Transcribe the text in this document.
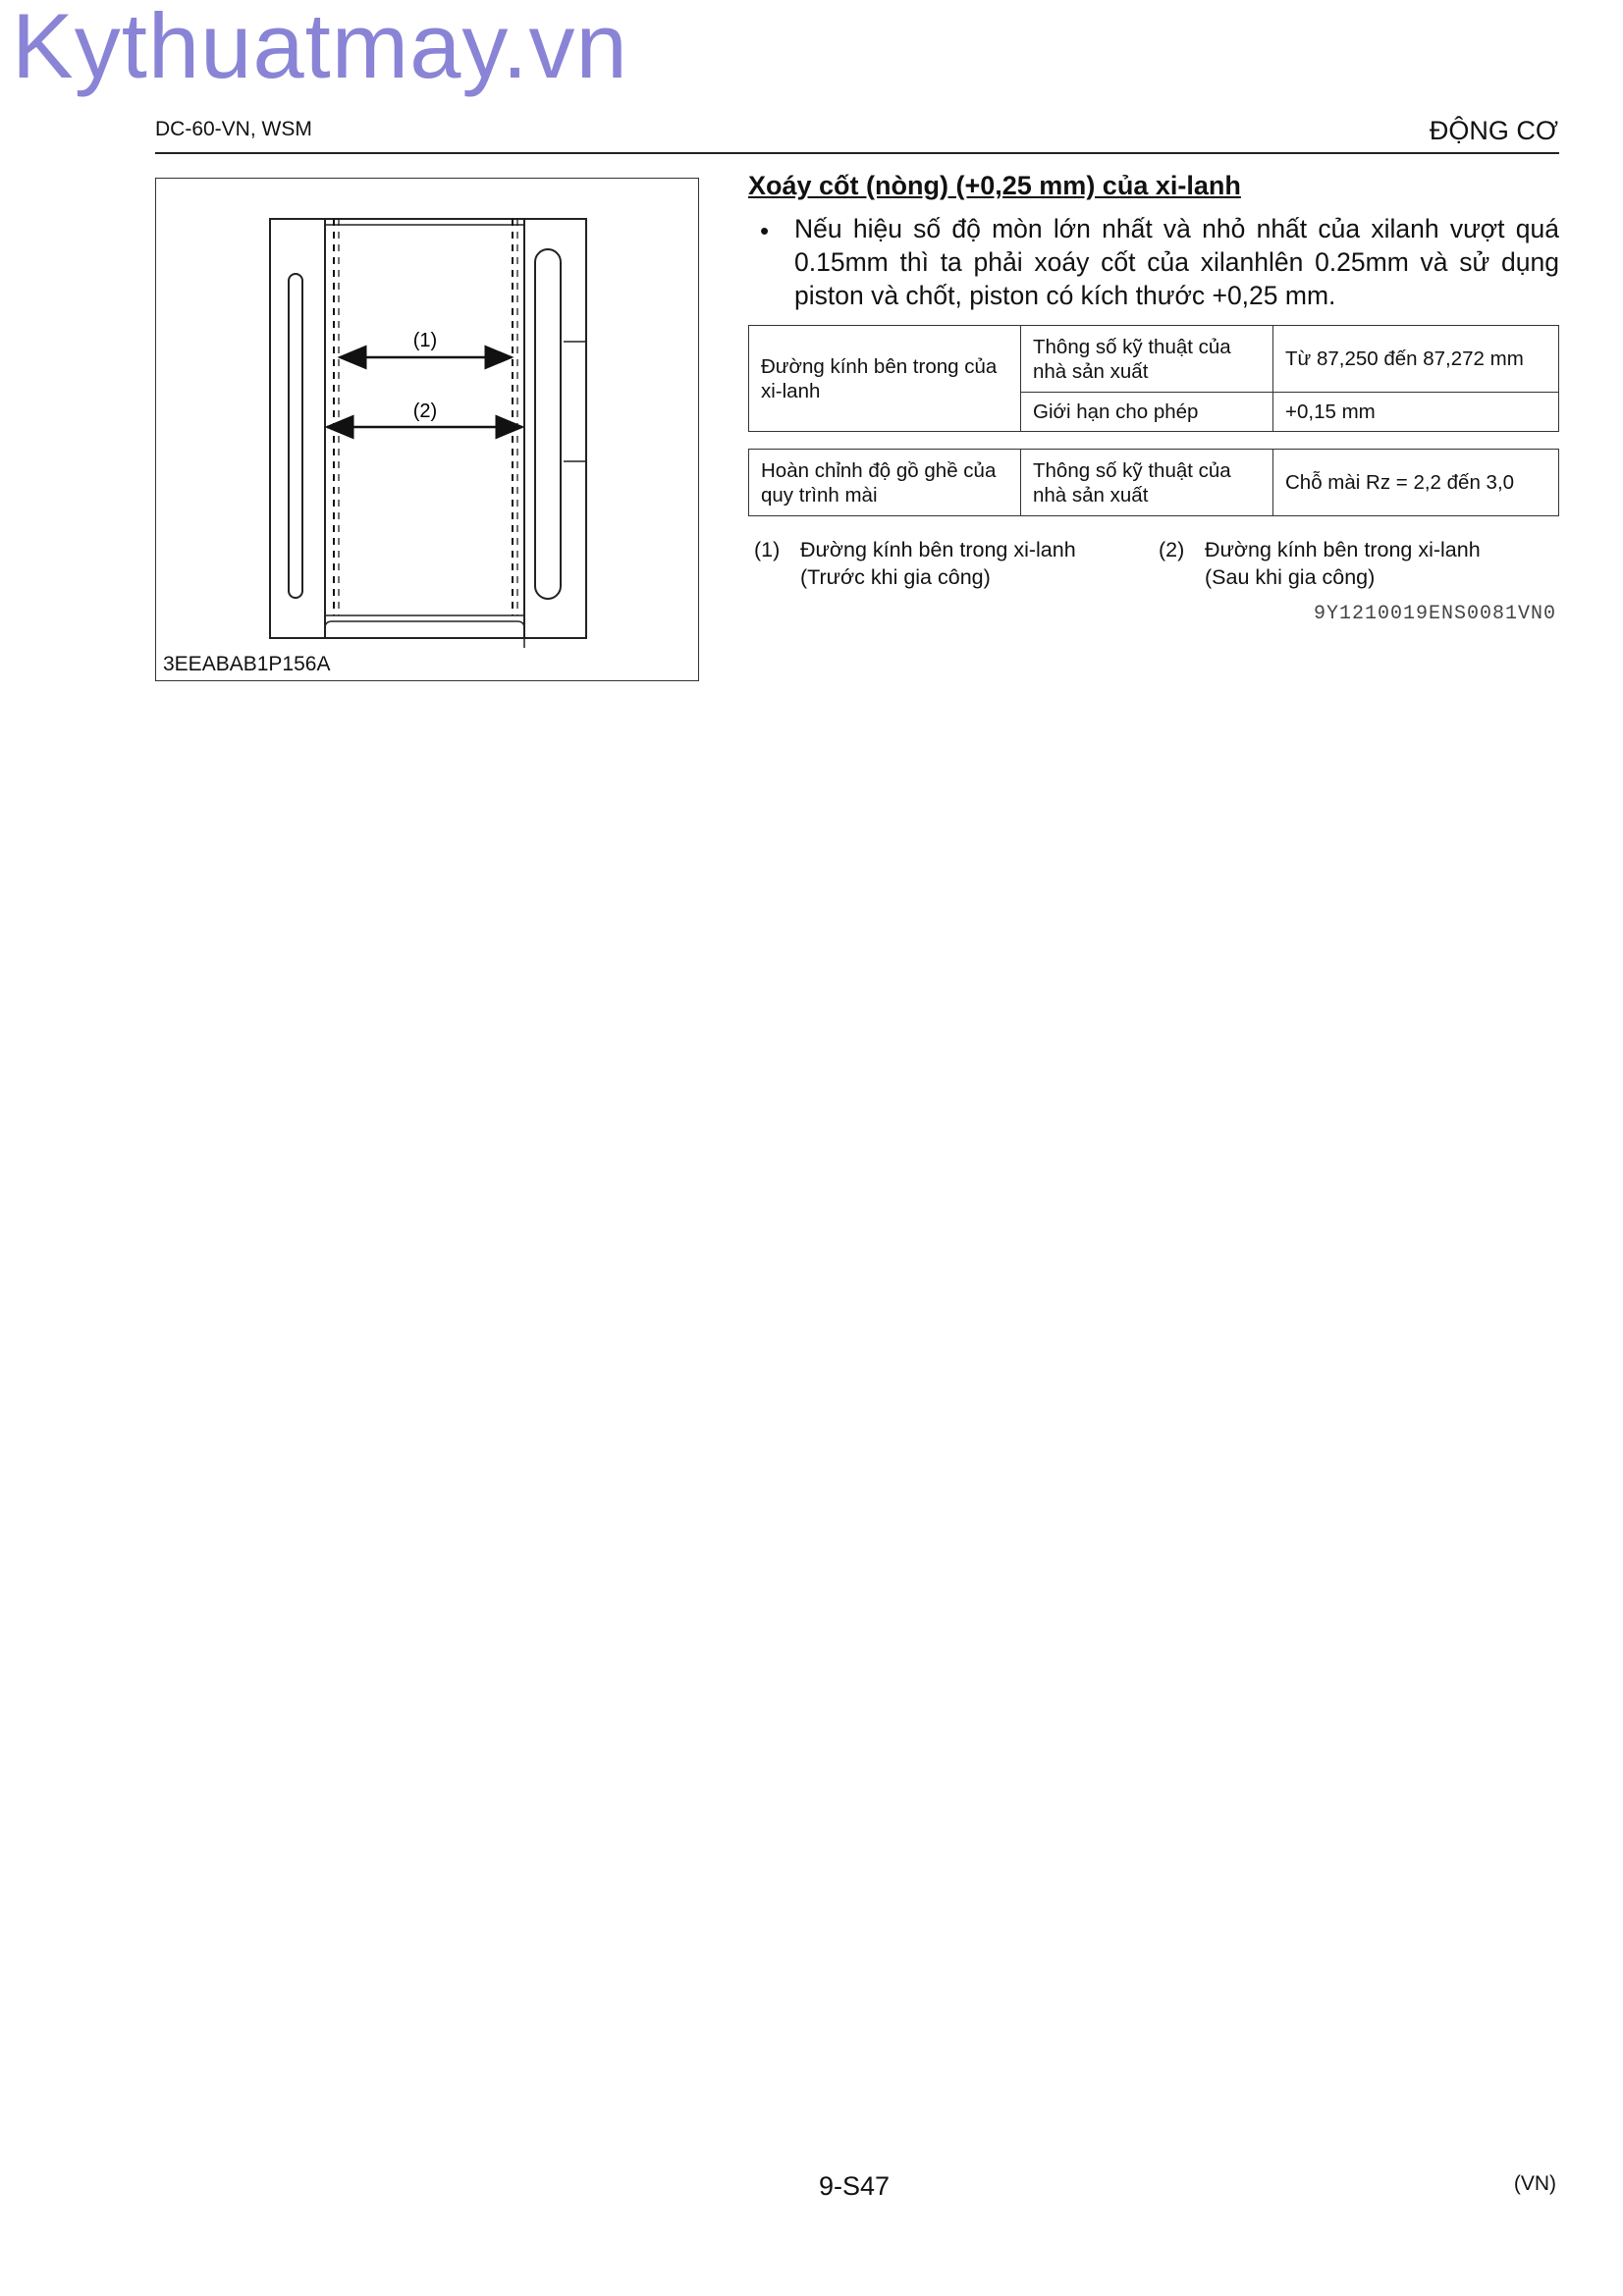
Kythuatmay.vn
DC-60-VN, WSM	ĐỘNG CƠ
(1)
(2)
3EEABAB1P156A
Xoáy cốt (nòng) (+0,25 mm) của xi-lanh
• Nếu hiệu số độ mòn lớn nhất và nhỏ nhất của xilanh vượt quá 0.15mm thì ta phải xoáy cốt của xilanhlên 0.25mm và sử dụng piston và chốt, piston có kích thước +0,25 mm.
Đường kính bên trong của xi-lanh	Thông số kỹ thuật của nhà sản xuất	Từ 87,250 đến 87,272 mm
	Giới hạn cho phép	+0,15 mm
Hoàn chỉnh độ gồ ghề của quy trình mài	Thông số kỹ thuật của nhà sản xuất	Chỗ mài Rz = 2,2 đến 3,0
(1) Đường kính bên trong xi-lanh
(Trước khi gia công)
(2) Đường kính bên trong xi-lanh
(Sau khi gia công)
9Y1210019ENS0081VN0
9-S47	(VN)
